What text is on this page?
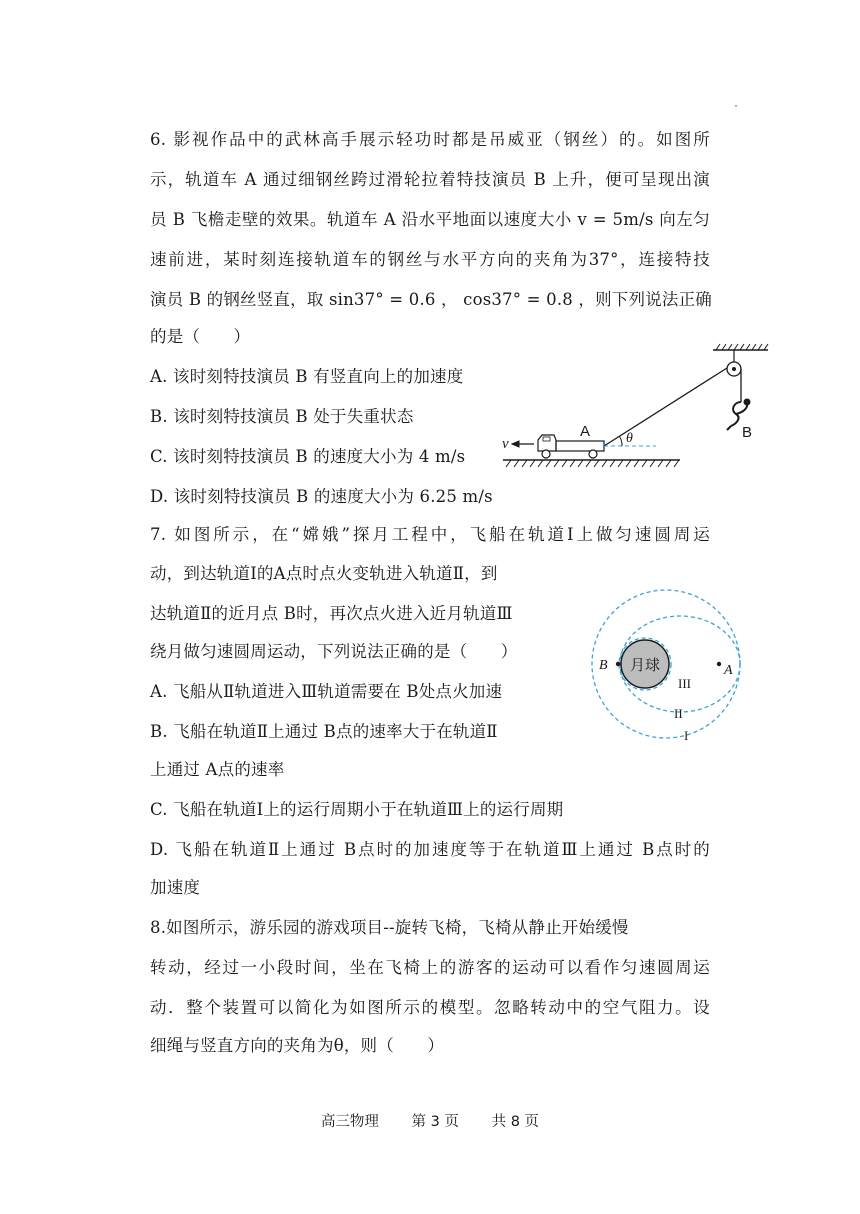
6. 影视作品中的武林高手展示轻功时都是吊威亚（钢丝）的。如图所
示，轨道车 A 通过细钢丝跨过滑轮拉着特技演员 B 上升，便可呈现出演
员 B 飞檐走壁的效果。轨道车 A 沿水平地面以速度大小 v = 5m/s 向左匀
速前进，某时刻连接轨道车的钢丝与水平方向的夹角为37°，连接特技
演员 B 的钢丝竖直，取 sin37° = 0.6 ， cos37° = 0.8 ，则下列说法正确
的是（　　）
A. 该时刻特技演员 B 有竖直向上的加速度
B. 该时刻特技演员 B 处于失重状态
C. 该时刻特技演员 B 的速度大小为 4 m/s
D. 该时刻特技演员 B 的速度大小为 6.25 m/s
A	B
v	θ
7. 如图所示，在“嫦娥”探月工程中，飞船在轨道Ⅰ上做匀速圆周运
动，到达轨道Ⅰ的A点时点火变轨进入轨道Ⅱ，到
达轨道Ⅱ的近月点 B时，再次点火进入近月轨道Ⅲ
绕月做匀速圆周运动，下列说法正确的是（　　）
A. 飞船从Ⅱ轨道进入Ⅲ轨道需要在 B处点火加速
B. 飞船在轨道Ⅱ上通过 B点的速率大于在轨道Ⅱ
上通过 A点的速率
C. 飞船在轨道Ⅰ上的运行周期小于在轨道Ⅲ上的运行周期
D. 飞船在轨道Ⅱ上通过 B点时的加速度等于在轨道Ⅲ上通过 B点时的
加速度
月球
B	A
III
II
I
8.如图所示，游乐园的游戏项目--旋转飞椅，飞椅从静止开始缓慢
转动，经过一小段时间，坐在飞椅上的游客的运动可以看作匀速圆周运
动．整个装置可以简化为如图所示的模型。忽略转动中的空气阻力。设
细绳与竖直方向的夹角为θ，则（　　）
高三物理 第 3 页 共 8 页
